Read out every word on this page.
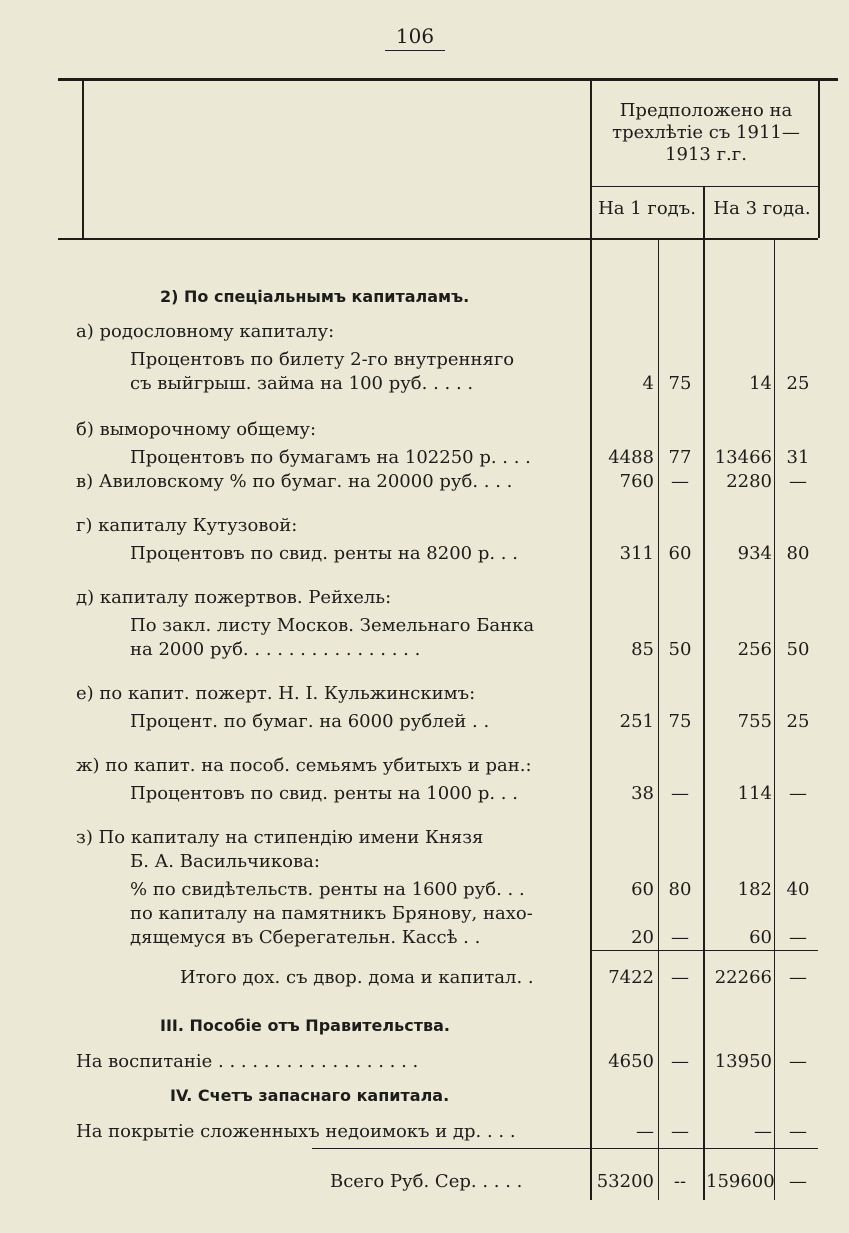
106
Предположено на трехлѣтіе съ 1911—1913 г.г.
На 1 годъ. На 3 года.
2) По спеціальнымъ капиталамъ.
а) родословному капиталу:
Процентовъ по билету 2-го внутренняго
съ выйгрыш. займа на 100 руб. . . . .	4 75	14 25
б) выморочному общему:
Процентовъ по бумагамъ на 102250 р. . . .	4488 77	13466 31
в) Авиловскому % по бумаг. на 20000 руб. . . .	760 —	2280 —
г) капиталу Кутузовой:
Процентовъ по свид. ренты на 8200 р. . .	311 60	934 80
д) капиталу пожертвов. Рейхель:
По закл. листу Москов. Земельнаго Банка
на 2000 руб. . . . . . . . . . . . . . . .	85 50	256 50
е) по капит. пожерт. Н. I. Кульжинскимъ:
Процент. по бумаг. на 6000 рублей . .	251 75	755 25
ж) по капит. на пособ. семьямъ убитыхъ и ран.:
Процентовъ по свид. ренты на 1000 р. . .	38 —	114 —
з) По капиталу на стипендію имени Князя
Б. А. Васильчикова:
% по свидѣтельств. ренты на 1600 руб. . .	60 80	182 40
по капиталу на памятникъ Брянову, нахо-
дящемуся въ Сберегательн. Кассѣ . .	20 —	60 —
Итого дох. съ двор. дома и капитал. .	7422 —	22266 —
III. Пособіе отъ Правительства.
На воспитаніе . . . . . . . . . . . . . . . . . .	4650 —	13950 —
IV. Счетъ запаснаго капитала.
На покрытіе сложенныхъ недоимокъ и др. . . .	— —	— —
Всего Руб. Сер. . . . .	53200	--	159600 —
